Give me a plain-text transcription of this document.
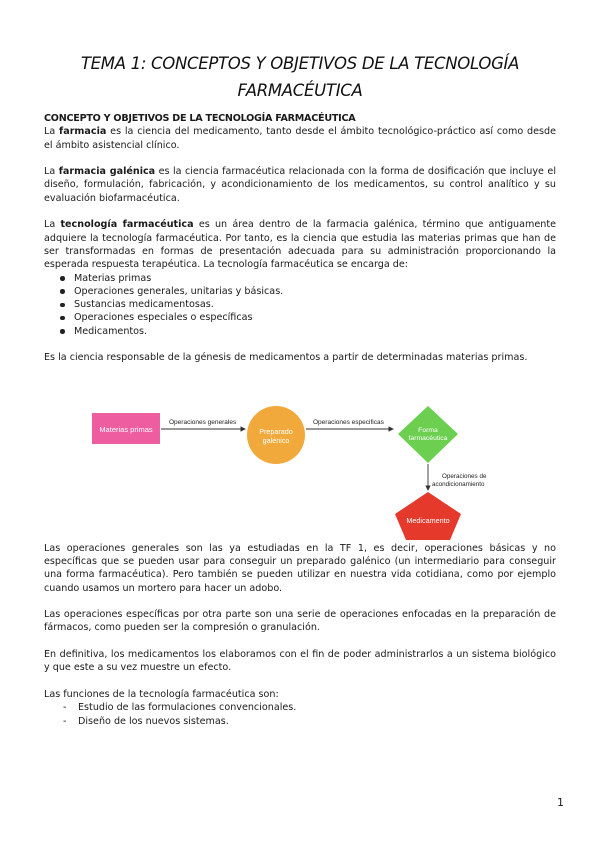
TEMA 1: CONCEPTOS Y OBJETIVOS DE LA TECNOLOGÍA FARMACÉUTICA
CONCEPTO Y OBJETIVOS DE LA TECNOLOGÍA FARMACÉUTICA

La farmacia es la ciencia del medicamento, tanto desde el ámbito tecnológico-práctico así como desde el ámbito asistencial clínico.

La farmacia galénica es la ciencia farmacéutica relacionada con la forma de dosificación que incluye el diseño, formulación, fabricación, y acondicionamiento de los medicamentos, su control analítico y su evaluación biofarmacéutica.

La tecnología farmacéutica es un área dentro de la farmacia galénica, término que antiguamente adquiere la tecnología farmacéutica. Por tanto, es la ciencia que estudia las materias primas que han de ser transformadas en formas de presentación adecuada para su administración proporcionando la esperada respuesta terapéutica. La tecnología farmacéutica se encarga de:

Materias primas
Operaciones generales, unitarias y básicas.
Sustancias medicamentosas.
Operaciones especiales o específicas
Medicamentos.

Es la ciencia responsable de la génesis de medicamentos a partir de determinadas materias primas.

Las operaciones generales son las ya estudiadas en la TF 1, es decir, operaciones básicas y no específicas que se pueden usar para conseguir un preparado galénico (un intermediario para conseguir una forma farmacéutica). Pero también se pueden utilizar en nuestra vida cotidiana, como por ejemplo cuando usamos un mortero para hacer un adobo.

Las operaciones específicas por otra parte son una serie de operaciones enfocadas en la preparación de fármacos, como pueden ser la compresión o granulación.

En definitiva, los medicamentos los elaboramos con el fin de poder administrarlos a un sistema biológico y que este a su vez muestre un efecto.

Las funciones de la tecnología farmacéutica son:

- Estudio de las formulaciones convencionales.
- Diseño de los nuevos sistemas.
Materias primas
Operaciones generales
Preparado
galénico
Operaciones especificas
Forma
farmacéutica
Operaciones de
acondicionamiento
Medicamento
1
